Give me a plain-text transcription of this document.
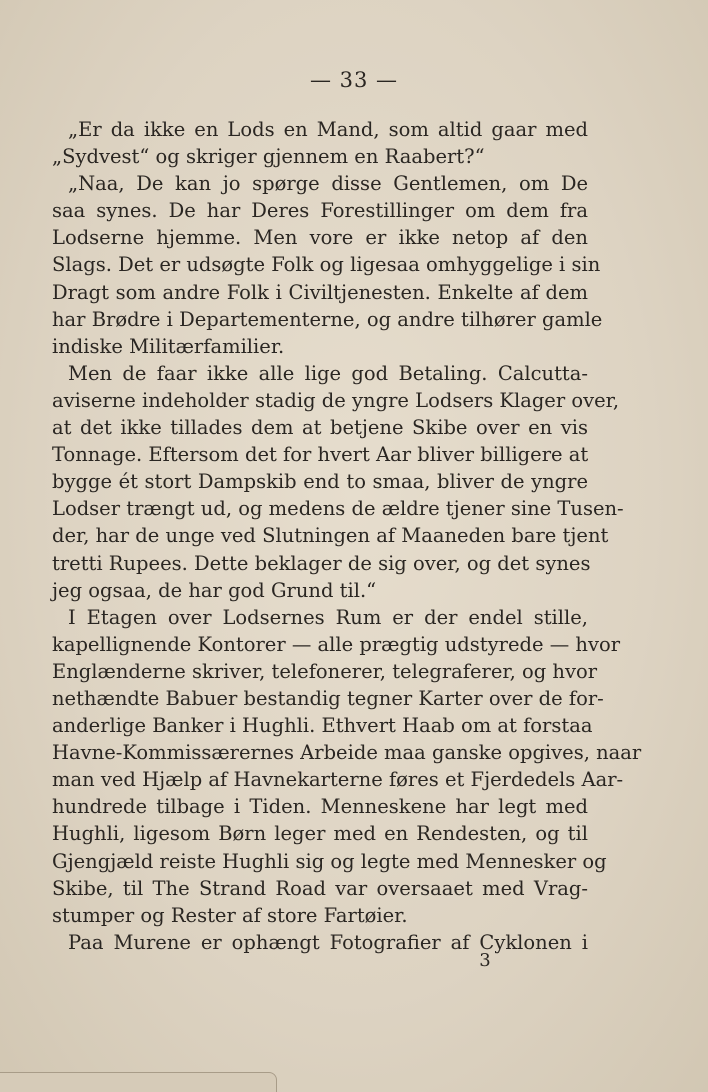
— 33 —
„Er da ikke en Lods en Mand, som altid gaar med
„Sydvest“ og skriger gjennem en Raabert?“
„Naa, De kan jo spørge disse Gentlemen, om De
saa synes. De har Deres Forestillinger om dem fra
Lodserne hjemme. Men vore er ikke netop af den
Slags. Det er udsøgte Folk og ligesaa omhyggelige i sin
Dragt som andre Folk i Civiltjenesten. Enkelte af dem
har Brødre i Departementerne, og andre tilhører gamle
indiske Militærfamilier.
Men de faar ikke alle lige god Betaling. Calcutta-
aviserne indeholder stadig de yngre Lodsers Klager over,
at det ikke tillades dem at betjene Skibe over en vis
Tonnage. Eftersom det for hvert Aar bliver billigere at
bygge ét stort Dampskib end to smaa, bliver de yngre
Lodser trængt ud, og medens de ældre tjener sine Tusen-
der, har de unge ved Slutningen af Maaneden bare tjent
tretti Rupees. Dette beklager de sig over, og det synes
jeg ogsaa, de har god Grund til.“
I Etagen over Lodsernes Rum er der endel stille,
kapellignende Kontorer — alle prægtig udstyrede — hvor
Englænderne skriver, telefonerer, telegraferer, og hvor
nethændte Babuer bestandig tegner Karter over de for-
anderlige Banker i Hughli. Ethvert Haab om at forstaa
Havne-Kommissærernes Arbeide maa ganske opgives, naar
man ved Hjælp af Havnekarterne føres et Fjerdedels Aar-
hundrede tilbage i Tiden. Menneskene har legt med
Hughli, ligesom Børn leger med en Rendesten, og til
Gjengjæld reiste Hughli sig og legte med Mennesker og
Skibe, til The Strand Road var oversaaet med Vrag-
stumper og Rester af store Fartøier.
Paa Murene er ophængt Fotografier af Cyklonen i
3
